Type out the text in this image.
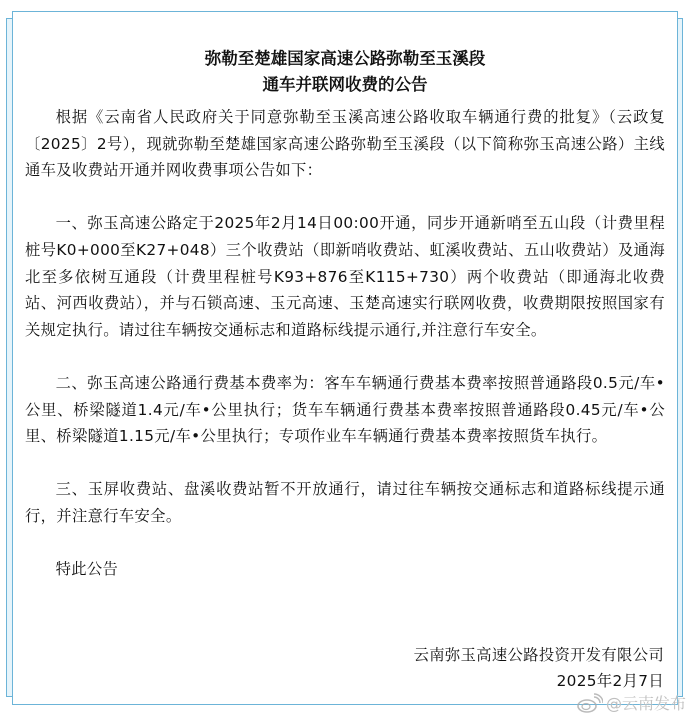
弥勒至楚雄国家高速公路弥勒至玉溪段
通车并联网收费的公告

根据《云南省人民政府关于同意弥勒至玉溪高速公路收取车辆通行费的批复》（云政复〔2025〕2号），现就弥勒至楚雄国家高速公路弥勒至玉溪段（以下简称弥玉高速公路）主线通车及收费站开通并网收费事项公告如下：

一、弥玉高速公路定于2025年2月14日00:00开通，同步开通新哨至五山段（计费里程桩号K0+000至K27+048）三个收费站（即新哨收费站、虹溪收费站、五山收费站）及通海北至多依树互通段（计费里程桩号K93+876至K115+730）两个收费站（即通海北收费站、河西收费站），并与石锁高速、玉元高速、玉楚高速实行联网收费，收费期限按照国家有关规定执行。请过往车辆按交通标志和道路标线提示通行,并注意行车安全。

二、弥玉高速公路通行费基本费率为：客车车辆通行费基本费率按照普通路段0.5元/车•公里、桥梁隧道1.4元/车•公里执行；货车车辆通行费基本费率按照普通路段0.45元/车•公里、桥梁隧道1.15元/车•公里执行；专项作业车车辆通行费基本费率按照货车执行。

三、玉屏收费站、盘溪收费站暂不开放通行，请过往车辆按交通标志和道路标线提示通行，并注意行车安全。

特此公告

云南弥玉高速公路投资开发有限公司
2025年2月7日
@云南发布
